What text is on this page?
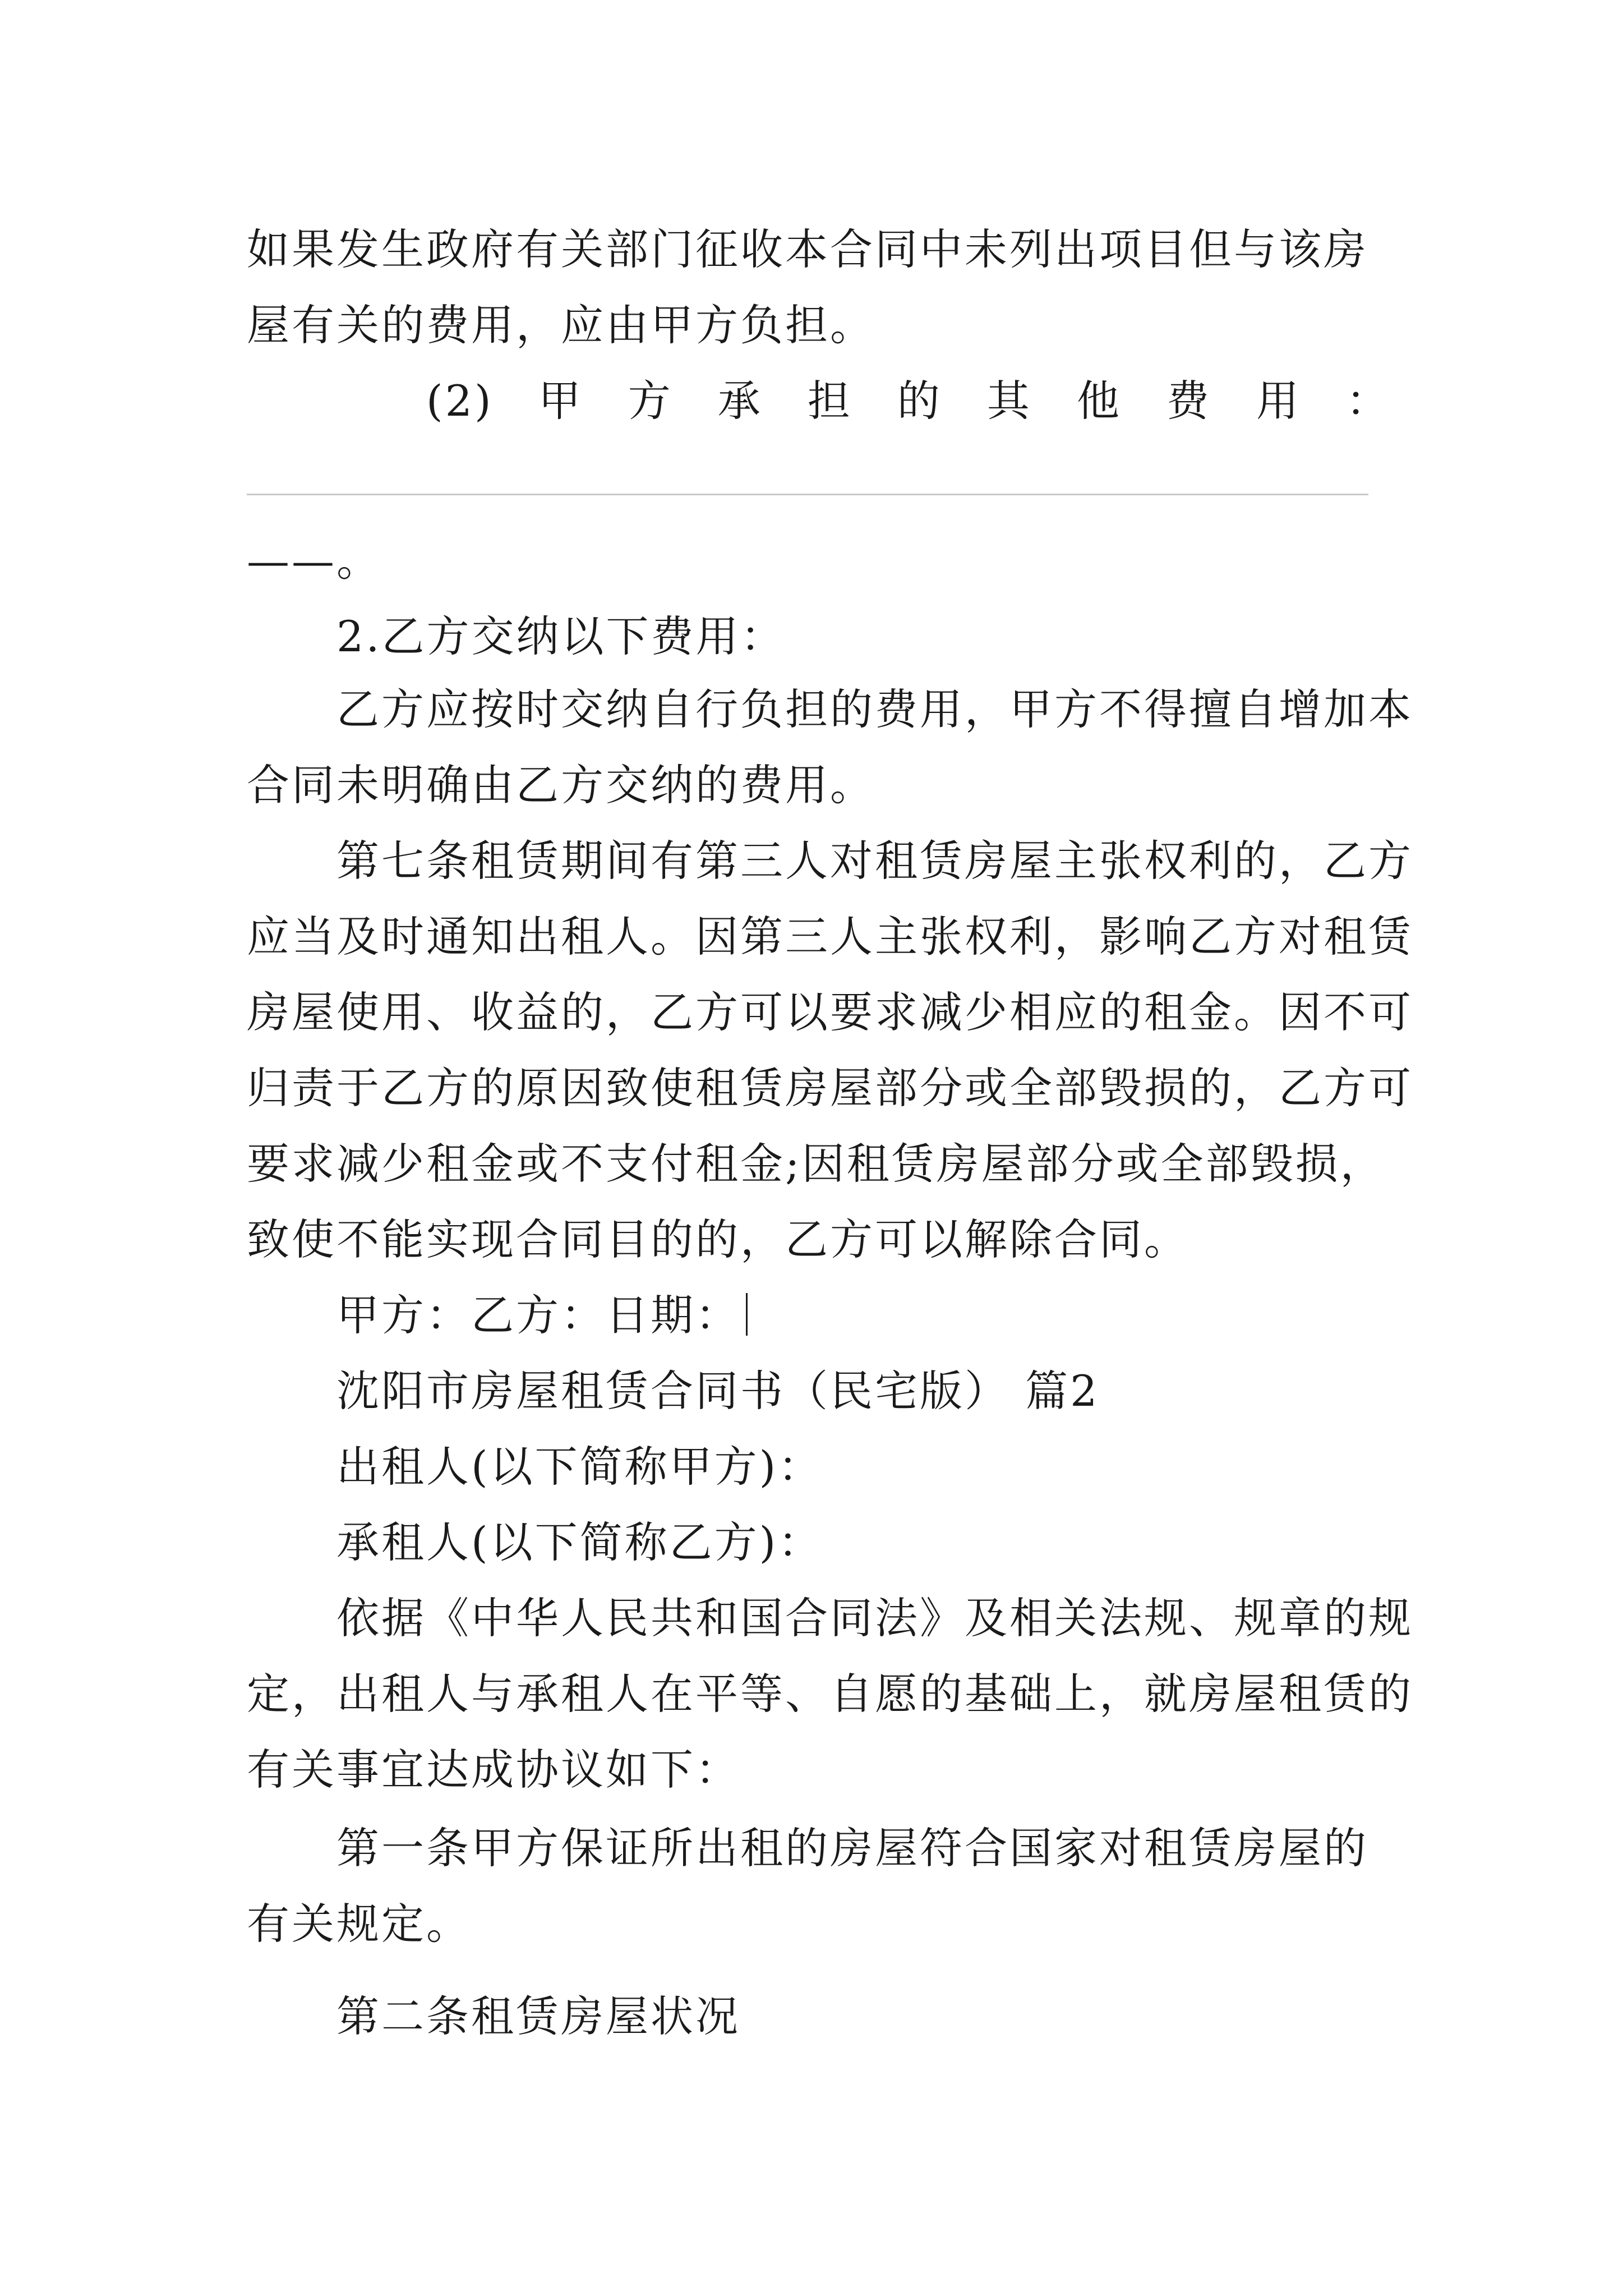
如果发生政府有关部门征收本合同中未列出项目但与该房
屋有关的费用，应由甲方负担。
(2) 甲 方 承 担 的 其 他 费 用 ：
——。
2.乙方交纳以下费用：
乙方应按时交纳自行负担的费用，甲方不得擅自增加本
合同未明确由乙方交纳的费用。
第七条租赁期间有第三人对租赁房屋主张权利的，乙方
应当及时通知出租人。因第三人主张权利，影响乙方对租赁
房屋使用、收益的，乙方可以要求减少相应的租金。因不可
归责于乙方的原因致使租赁房屋部分或全部毁损的，乙方可
要求减少租金或不支付租金;因租赁房屋部分或全部毁损，
致使不能实现合同目的的，乙方可以解除合同。
甲方：乙方：日期：
沈阳市房屋租赁合同书（民宅版） 篇2
出租人(以下简称甲方)：
承租人(以下简称乙方)：
依据《中华人民共和国合同法》及相关法规、规章的规
定，出租人与承租人在平等、自愿的基础上，就房屋租赁的
有关事宜达成协议如下：
第一条甲方保证所出租的房屋符合国家对租赁房屋的
有关规定。
第二条租赁房屋状况
